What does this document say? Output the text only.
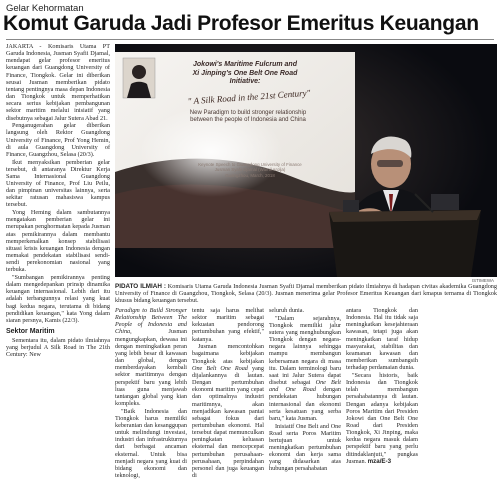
Gelar Kehormatan
Komut Garuda Jadi Profesor Emeritus Keuangan

JAKARTA - Komisaris Utama PT Garuda Indonesia, Jusman Syafii Djamal, mendapat gelar profesor emeritus keuangan dari Guangdong University of Finance, Tiongkok. Gelar ini diberikan seusai Jusman memberikan pidato tentang pentingnya masa depan Indonesia dan Tiongkok untuk memperhatikan secara serius kebijakan pembangunan sektor maritim melalui inisiatif yang disebutnya sebagai Jalur Sutera Abad 21.

Penganugerahan gelar diberikan langsung oleh Rektor Guangdong University of Finance, Prof Yong Hemin, di aula Guangdong University of Finance, Guangzhou, Selasa (20/3).

Ikut menyaksikan pemberian gelar tersebut, di antaranya Direktur Kerja Sama Internasional Guangdong University of Finance, Prof Liu Peilu, dan pimpinan universitas lainnya, serta sekitar ratusan mahasiswa kampus tersebut.

Yong Heming dalam sambutannya mengatakan pemberian gelar ini merupakan penghormatan kepada Jusman atas pemikirannya dalam membantu memperkenalkan konsep stabilisasi situasi krisis keuangan Indonesia dengan memakai pendekatan stabilisasi sendi-sendi perekonomian nasional yang terbuka.

"Sumbangan pemikirannya penting dalam mengedepankan prinsip dinamika keuangan internasional. Lebih dari itu adalah terbangunnya relasi yang kuat bagi kedua negara, terutama di bidang pendidikan keuangan," kata Yong dalam siaran persnya, Kamis (22/3).

Sektor Maritim

Sementara itu, dalam pidato ilmiahnya yang berjudul A Silk Road in The 21th Century: New

Jokowi's Maritime Fulcrum and
Xi Jinping's One Belt One Road
Initiative:
" A Silk Road in the 21st Century"
New Paradigm to build stronger relationship
between the people of Indonesia and China
Keynote Speech to Guangdong University of Finance
Jusman Syafii Djamal (Wamil Arolja)
Guangzhou, March, 2018
ISTIMEWA
PIDATO ILMIAH : Komisaris Utama Garuda Indonesia Jusman Syafii Djamal memberikan pidato ilmiahnya di hadapan civitas akademika Guangdong University of Finance di Guangzhou, Tiongkok, Selasa (20/3). Jusman menerima gelar Profesor Emeritus Keuangan dari kmapus ternama di Tiongkok khusus bidang keuangan tersebut.

Paradigm to Build Stronger Relationship Between The People of Indonesia and China, Jusman mengungkapkan, dewasa ini dengan meningkatkan peran yang lebih besar di kawasan dan global, dengan memberdayakan kembali sektor maritimnya dengan perspektif baru yang lebih luas guna menjawab tantangan global yang kian kompleks.

"Baik Indonesia dan Tiongkok harus memiliki keberanian dan kesanggupan untuk melindungi investasi, industri dan infrastrukturnya dari berbagai ancaman eksternal. Untuk bisa menjadi negara yang kuat di bidang ekonomi dan teknologi,

tentu saja harus melihat sektor maritim sebagai kekuatan pendorong pertumbuhan yang efektif," katanya.

Jusman mencontohkan bagaimana kebijakan Tiongkok atas kebijakan One Belt One Road yang dijalankannya di lautan. Dengan pertumbuhan ekonomi maritim yang cepat dan optimalnya industri maritimnya, akan menjadikan kawasan pantai sebagai fokus dari pertumbuhan ekonomi. Hal tersebut dapat memunculkan peningkatan keluasan eksternal dan mencepcepat pertumbuhan perusahaan-perusahaan, perpindahan personel dan juga keuangan di

seluruh dunia.

"Dalam sejarahnya, Tiongkok memiliki jalur sutera yang menghubungkan Tiongkok dengan negara-negara lainnya sehingga mampu membangun kebersaman negara di masa itu. Dalam terminologi baru saat ini Jalur Sutera dapat disebut sebagai One Belt and One Road dengan pendekatan hubungan internasional dan ekonomi serta kesatuan yang serba baru," kata Jusman.

Inisiatif One Belt and One Road serta Poros Maritim bertujuan untuk meningkatkan pertumbuhan ekonomi dan kerja sama yang didasarkan atas hubungan persahabatan

antara Tiongkok dan Indonesia. Hal itu tidak saja meningkatkan kesejahteraan kawasan, tetapi juga akan meningkatkan taraf hidup masyarakat, stabilitas dan keamanan kawasan dan memberikan sumbangsih terhadap perdamaian dunia.

"Secara historis, baik Indonesia dan Tiongkok telah membangun persahabatannya di lautan. Dengan adanya kebijakan Poros Maritim dari Presiden Jokowi dan One Belt One Road dari Presiden Tiongkok, Xi Jinping, maka kedua negara masuk dalam perspektif baru yang perlu ditindaklanjuti," pungkas Jusman. mza/E-3
